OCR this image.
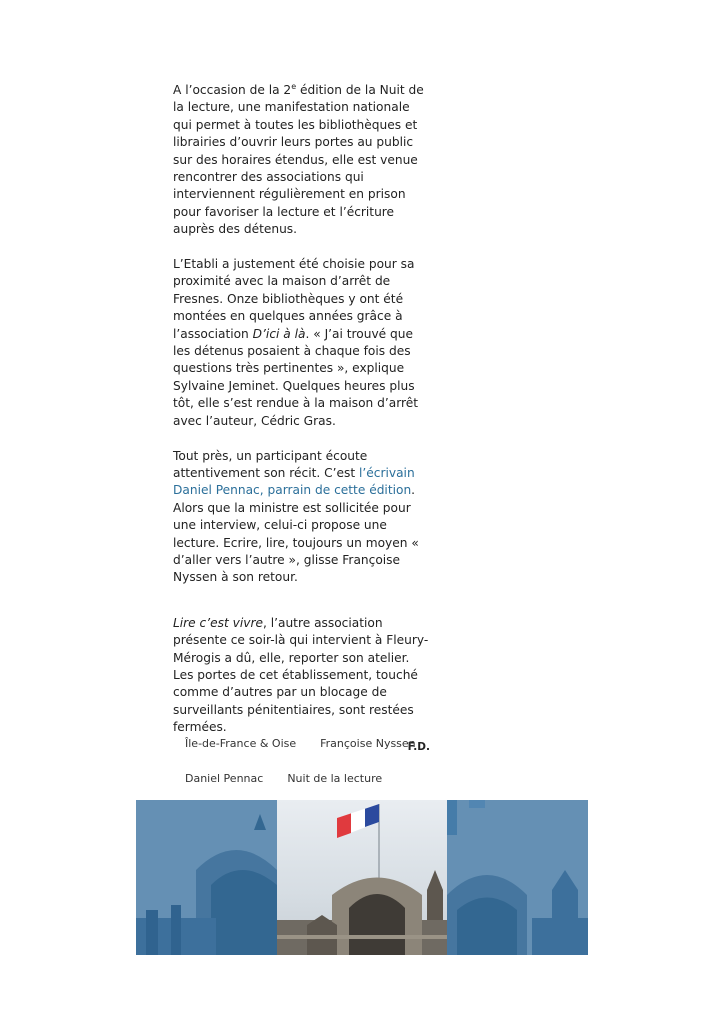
A l’occasion de la 2e édition de la Nuit de la lecture, une manifestation nationale qui permet à toutes les bibliothèques et librairies d’ouvrir leurs portes au public sur des horaires étendus, elle est venue rencontrer des associations qui interviennent régulièrement en prison pour favoriser la lecture et l’écriture auprès des détenus.

L’Etabli a justement été choisie pour sa proximité avec la maison d’arrêt de Fresnes. Onze bibliothèques y ont été montées en quelques années grâce à l’association D’ici à là. « J’ai trouvé que les détenus posaient à chaque fois des questions très pertinentes », explique Sylvaine Jeminet. Quelques heures plus tôt, elle s’est rendue à la maison d’arrêt avec l’auteur, Cédric Gras.

Tout près, un participant écoute attentivement son récit. C’est l’écrivain Daniel Pennac, parrain de cette édition. Alors que la ministre est sollicitée pour une interview, celui-ci propose une lecture. Ecrire, lire, toujours un moyen « d’aller vers l’autre », glisse Françoise Nyssen à son retour.

Lire c’est vivre, l’autre association présente ce soir-là qui intervient à Fleury-Mérogis a dû, elle, reporter son atelier. Les portes de cet établissement, touché comme d’autres par un blocage de surveillants pénitentiaires, sont restées fermées.

F.D.
Île-de-France & Oise	Françoise Nyssen
Daniel Pennac	Nuit de la lecture
